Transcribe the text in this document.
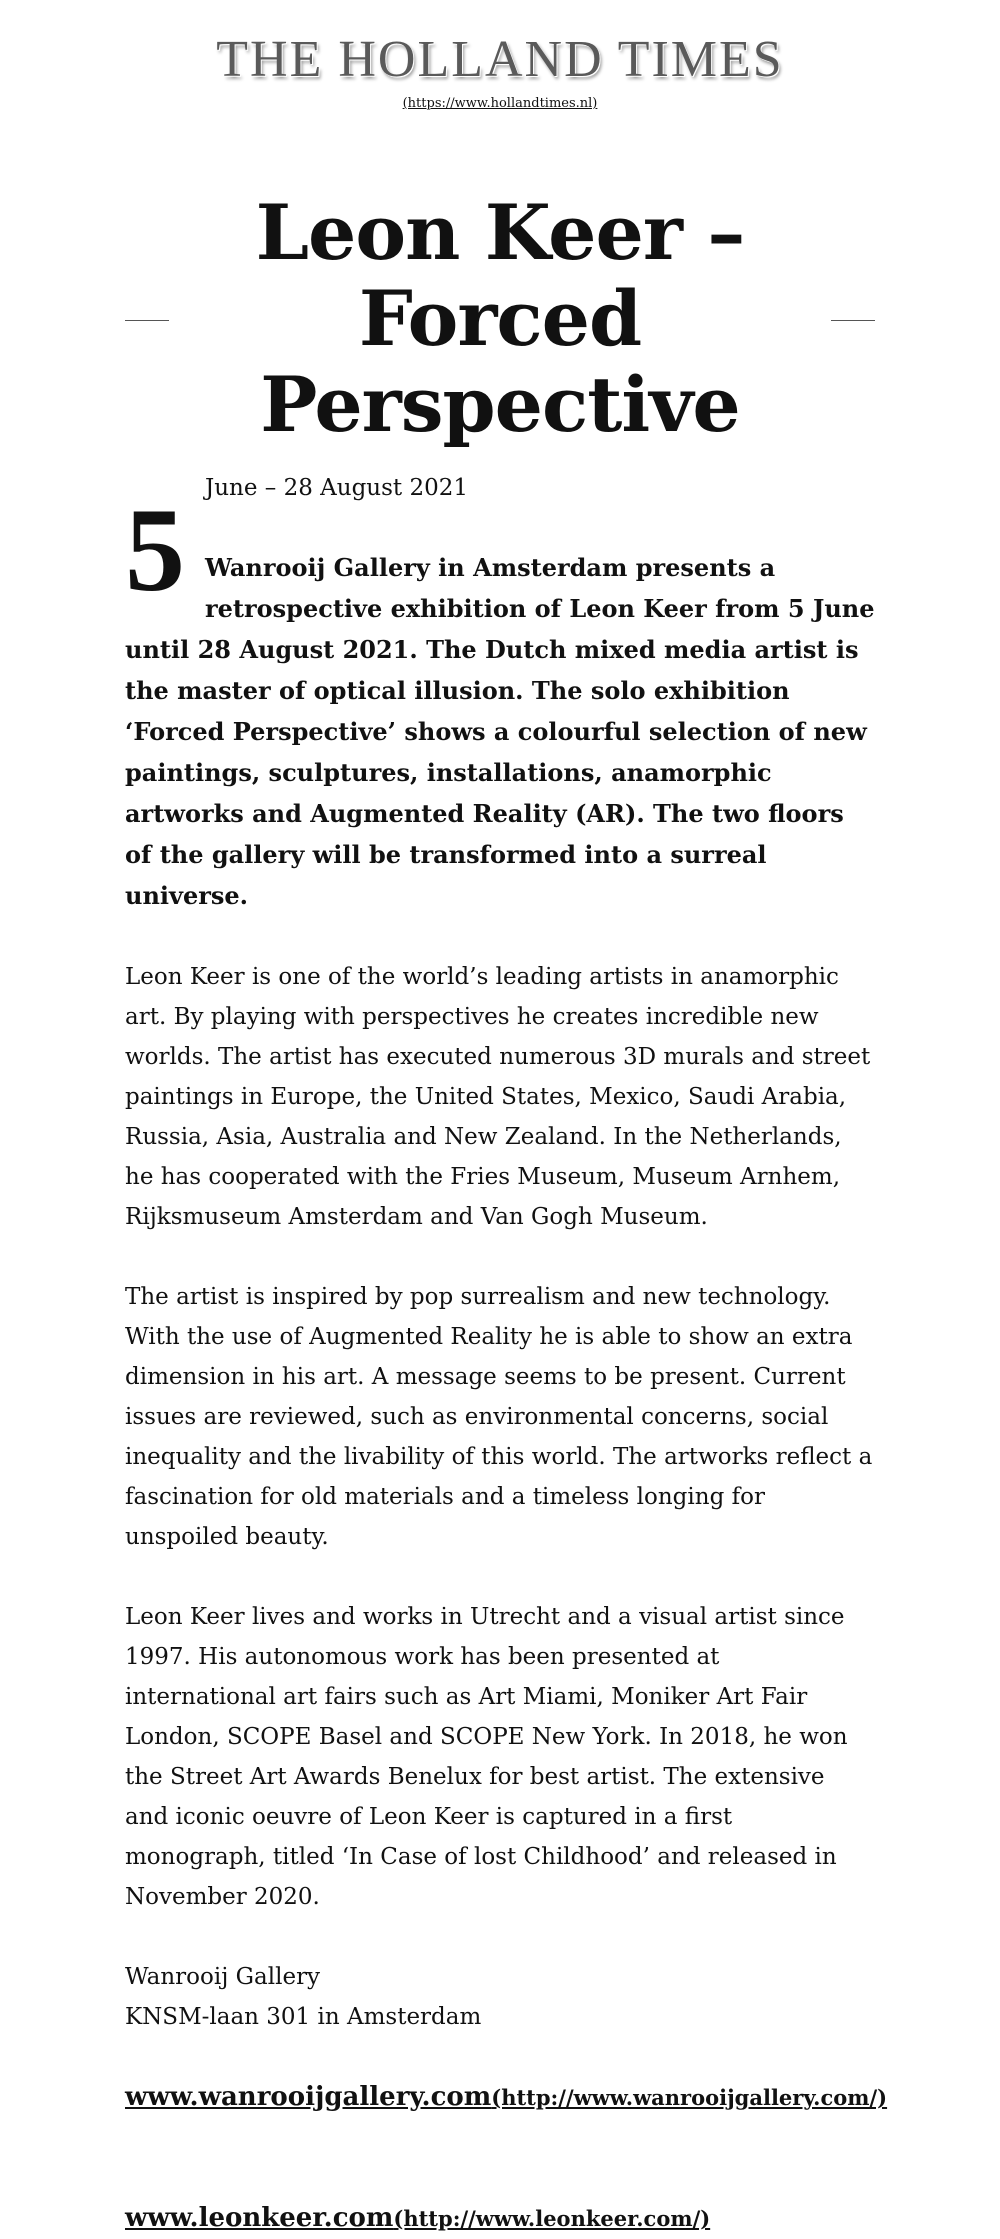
THE HOLLAND TIMES
(https://www.hollandtimes.nl)
Leon Keer – Forced Perspective
5 June – 28 August 2021
Wanrooij Gallery in Amsterdam presents a retrospective exhibition of Leon Keer from 5 June until 28 August 2021. The Dutch mixed media artist is the master of optical illusion. The solo exhibition ‘Forced Perspective’ shows a colourful selection of new paintings, sculptures, installations, anamorphic artworks and Augmented Reality (AR). The two floors of the gallery will be transformed into a surreal universe.

Leon Keer is one of the world’s leading artists in anamorphic art. By playing with perspectives he creates incredible new worlds. The artist has executed numerous 3D murals and street paintings in Europe, the United States, Mexico, Saudi Arabia, Russia, Asia, Australia and New Zealand. In the Netherlands, he has cooperated with the Fries Museum, Museum Arnhem, Rijksmuseum Amsterdam and Van Gogh Museum.

The artist is inspired by pop surrealism and new technology. With the use of Augmented Reality he is able to show an extra dimension in his art. A message seems to be present. Current issues are reviewed, such as environmental concerns, social inequality and the livability of this world. The artworks reflect a fascination for old materials and a timeless longing for unspoiled beauty.

Leon Keer lives and works in Utrecht and a visual artist since 1997. His autonomous work has been presented at international art fairs such as Art Miami, Moniker Art Fair London, SCOPE Basel and SCOPE New York. In 2018, he won the Street Art Awards Benelux for best artist. The extensive and iconic oeuvre of Leon Keer is captured in a first monograph, titled ‘In Case of lost Childhood’ and released in November 2020.

Wanrooij Gallery

KNSM-laan 301 in Amsterdam

www.wanrooijgallery.com(http://www.wanrooijgallery.com/)

www.leonkeer.com(http://www.leonkeer.com/)
